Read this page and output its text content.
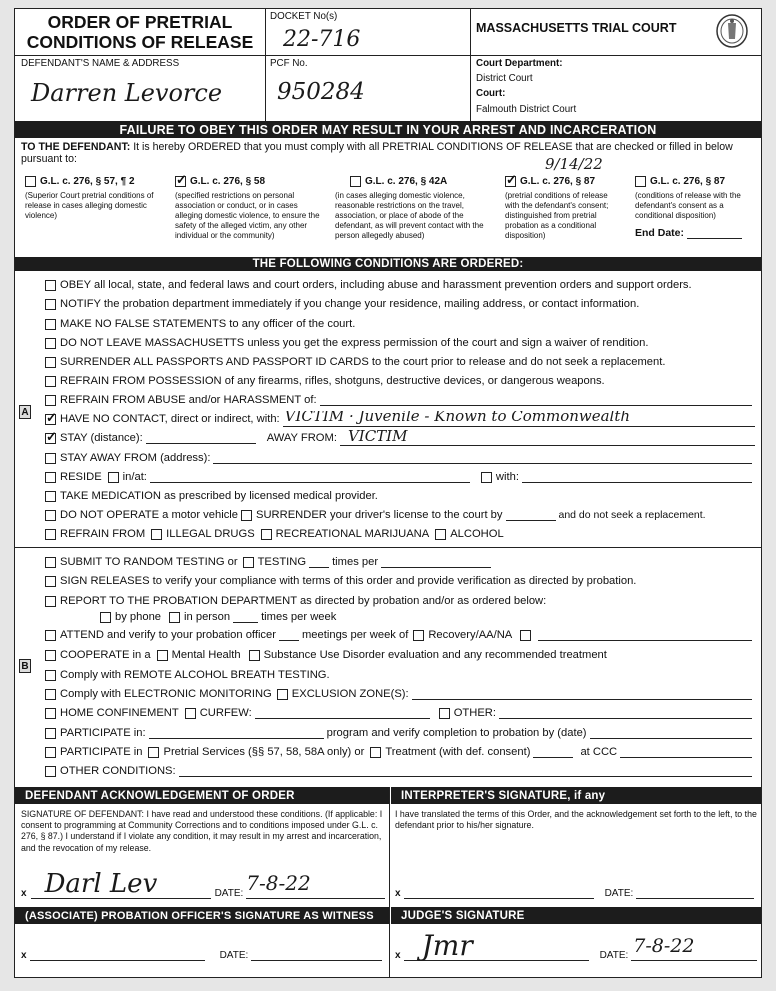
ORDER OF PRETRIAL
CONDITIONS OF RELEASE
DOCKET No(s)
22-716	MASSACHUSETTS TRIAL COURT
DEFENDANT'S NAME & ADDRESS
Darren Levorce
PCF No.
950284
Court Department:
District Court
Court:
Falmouth District Court
FAILURE TO OBEY THIS ORDER MAY RESULT IN YOUR ARREST AND INCARCERATION
TO THE DEFENDANT: It is hereby ORDERED that you must comply with all PRETRIAL CONDITIONS OF RELEASE that are checked or filled in below pursuant to:	9/14/22
G.L. c. 276, § 57, ¶ 2
(Superior Court pretrial conditions of release in cases alleging domestic violence)
✓
G.L. c. 276, § 58
(specified restrictions on personal association or conduct, or in cases alleging domestic violence, to ensure the safety of the alleged victim, any other individual or the community)
G.L. c. 276, § 42A
(in cases alleging domestic violence, reasonable restrictions on the travel, association, or place of abode of the defendant, as will prevent contact with the person allegedly abused)
✓
G.L. c. 276, § 87
(pretrial conditions of release with the defendant's consent; distinguished from pretrial probation as a conditional disposition)
G.L. c. 276, § 87
(conditions of release with the defendant's consent as a conditional disposition)
End Date:
THE FOLLOWING CONDITIONS ARE ORDERED:
A
OBEY all local, state, and federal laws and court orders, including abuse and harassment prevention orders and support orders.
NOTIFY the probation department immediately if you change your residence, mailing address, or contact information.
MAKE NO FALSE STATEMENTS to any officer of the court.
DO NOT LEAVE MASSACHUSETTS unless you get the express permission of the court and sign a waiver of rendition.
SURRENDER ALL PASSPORTS AND PASSPORT ID CARDS to the court prior to release and do not seek a replacement.
REFRAIN FROM POSSESSION of any firearms, rifles, shotguns, destructive devices, or dangerous weapons.
REFRAIN FROM ABUSE and/or HARASSMENT of:
✓
HAVE NO CONTACT, direct or indirect, with: VICTIM · Juvenile - Known to Commonwealth
✓
STAY (distance):	AWAY FROM: VICTIM
STAY AWAY FROM (address):
RESIDE in/at:	with:
TAKE MEDICATION as prescribed by licensed medical provider.
DO NOT OPERATE a motor vehicle SURRENDER your driver's license to the court by	and do not seek a replacement.
REFRAIN FROM ILLEGAL DRUGS RECREATIONAL MARIJUANA ALCOHOL
B
SUBMIT TO RANDOM TESTING or TESTING times per
SIGN RELEASES to verify your compliance with terms of this order and provide verification as directed by probation.
REPORT TO THE PROBATION DEPARTMENT as directed by probation and/or as ordered below:
by phone in person	times per week
ATTEND and verify to your probation officer meetings per week of Recovery/AA/NA
COOPERATE in a Mental Health Substance Use Disorder evaluation and any recommended treatment
Comply with REMOTE ALCOHOL BREATH TESTING.
Comply with ELECTRONIC MONITORING EXCLUSION ZONE(S):
HOME CONFINEMENT CURFEW:	OTHER:
PARTICIPATE in:	program and verify completion to probation by (date)
PARTICIPATE in Pretrial Services (§§ 57, 58, 58A only) or Treatment (with def. consent)	at CCC
OTHER CONDITIONS:
DEFENDANT ACKNOWLEDGEMENT OF ORDER	INTERPRETER'S SIGNATURE, if any
SIGNATURE OF DEFENDANT: I have read and understood these conditions. (If applicable: I consent to programming at Community Corrections and to conditions imposed under G.L. c. 276, § 87.) I understand if I violate any condition, it may result in my arrest and incarceration, and the revocation of my release.
I have translated the terms of this Order, and the acknowledgement set forth to the left, to the defendant prior to his/her signature.
x Darl Lev	DATE: 7-8-22	x	DATE:
(ASSOCIATE) PROBATION OFFICER'S SIGNATURE AS WITNESS	JUDGE'S SIGNATURE
x	DATE:	x Jmr	DATE: 7-8-22
